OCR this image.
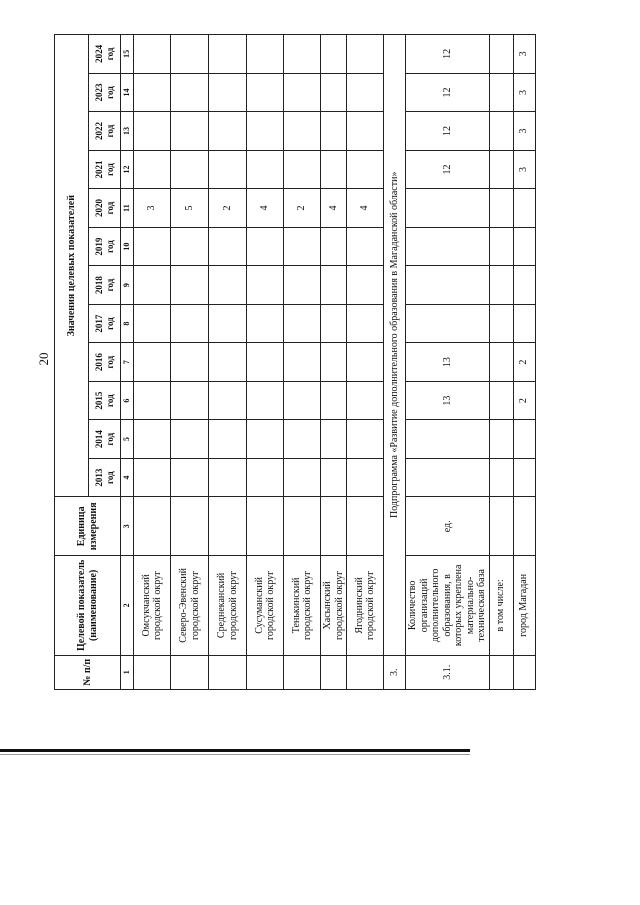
20
№ п/п	Целевой показатель (наименование)	Единица измерения	Значения целевых показателей											
			2013 год	2014 год	2015 год	2016 год	2017 год	2018 год	2019 год	2020 год	2021 год	2022 год	2023 год	2024 год
1	2	3	4	5	6	7	8	9	10	11	12	13	14	15
	Омсукчанский городской округ									3				
	Северо-Эвенский городской округ									5				
	Среднеканский городской округ									2				
	Сусуманский городской округ									4				
	Тенькинский городской округ									2				
	Хасынский городской округ									4				
	Ягоднинский городской округ									4				
3.	Подпрограмма «Развитие дополнительного образования в Магаданской области»													
3.1.	Количество организаций дополнительного образования, в которых укреплена материально-техническая база	ед.			13	13					12	12	12	12
	в том числе:													
	город Магадан				2	2					3	3	3	3
